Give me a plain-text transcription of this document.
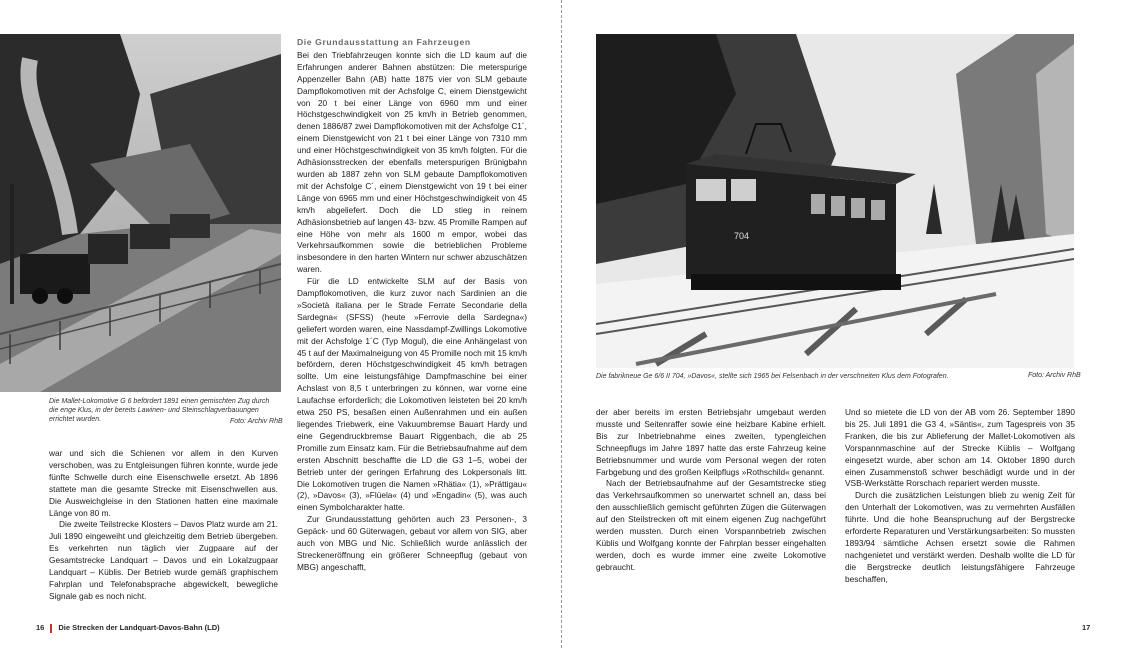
Die Mallet-Lokomotive G 6 befördert 1891 einen gemischten Zug durch die enge Klus, in der bereits Lawinen- und Steinschlagverbauungen errichtet wurden.	Foto: Archiv RhB

war und sich die Schienen vor allem in den Kurven verschoben, was zu Entgleisungen führen konnte, wurde jede fünfte Schwelle durch eine Eisenschwelle ersetzt. Ab 1896 stattete man die gesamte Strecke mit Eisenschwellen aus. Die Ausweichgleise in den Stationen hatten eine maximale Länge von 80 m.

Die zweite Teilstrecke Klosters – Davos Platz wurde am 21. Juli 1890 eingeweiht und gleichzeitig dem Betrieb übergeben. Es verkehrten nun täglich vier Zugpaare auf der Gesamtstrecke Landquart – Davos und ein Lokalzugpaar Landquart – Küblis. Der Betrieb wurde gemäß graphischem Fahrplan und Telefonabsprache abgewickelt, bewegliche Signale gab es noch nicht.

Die Grundausstattung an Fahrzeugen

Bei den Triebfahrzeugen konnte sich die LD kaum auf die Erfahrungen anderer Bahnen abstützen: Die meterspurige Appenzeller Bahn (AB) hatte 1875 vier von SLM gebaute Dampflokomotiven mit der Achsfolge C, einem Dienstgewicht von 20 t bei einer Länge von 6960 mm und einer Höchstgeschwindigkeit von 25 km/h in Betrieb genommen, denen 1886/87 zwei Dampflokomotiven mit der Achsfolge C1´, einem Dienstgewicht von 21 t bei einer Länge von 7310 mm und einer Höchstgeschwindigkeit von 35 km/h folgten. Für die Adhäsionsstrecken der ebenfalls meterspurigen Brünigbahn wurden ab 1887 zehn von SLM gebaute Dampflokomotiven mit der Achsfolge C´, einem Dienstgewicht von 19 t bei einer Länge von 6965 mm und einer Höchstgeschwindigkeit von 45 km/h abgeliefert. Doch die LD stieg in reinem Adhäsionsbetrieb auf langen 43- bzw. 45 Promille Rampen auf eine Höhe von mehr als 1600 m empor, wobei das Verkehrsaufkommen sowie die betrieblichen Probleme insbesondere in den harten Wintern nur schwer abzuschätzen waren.

Für die LD entwickelte SLM auf der Basis von Dampflokomotiven, die kurz zuvor nach Sardinien an die »Società italiana per le Strade Ferrate Secondarie della Sardegna« (SFSS) (heute »Ferrovie della Sardegna«) geliefert worden waren, eine Nassdampf-Zwillings Lokomotive mit der Achsfolge 1´C (Typ Mogul), die eine Anhängelast von 45 t auf der Maximalneigung von 45 Promille noch mit 15 km/h befördern, deren Höchstgeschwindigkeit 45 km/h betragen sollte. Um eine leistungsfähige Dampfmaschine bei einer Achslast von 8,5 t unterbringen zu können, war vorne eine Laufachse erforderlich; die Lokomotiven leisteten bei 20 km/h etwa 250 PS, besaßen einen Außenrahmen und ein außen liegendes Triebwerk, eine Vakuumbremse Bauart Hardy und eine Gegendruckbremse Bauart Riggenbach, die ab 25 Promille zum Einsatz kam. Für die Betriebsaufnahme auf dem ersten Abschnitt beschaffte die LD die G3 1–5, wobei der Betrieb unter der geringen Erfahrung des Lokpersonals litt. Die Lokomotiven trugen die Namen »Rhätia« (1), »Prättigau« (2), »Davos« (3), »Flüela« (4) und »Engadin« (5), was auch einen Symbolcharakter hatte.

Zur Grundausstattung gehörten auch 23 Personen-, 3 Gepäck- und 60 Güterwagen, gebaut vor allem von SIG, aber auch von MBG und Nic. Schließlich wurde anlässlich der Streckeneröffnung ein größerer Schneepflug (gebaut von MBG) angeschafft,

16 Die Strecken der Landquart-Davos-Bahn (LD)
704
Die fabrikneue Ge 6/6 II 704, »Davos«, stellte sich 1965 bei Felsenbach in der verschneiten Klus dem Fotografen.	Foto: Archiv RhB

der aber bereits im ersten Betriebsjahr umgebaut werden musste und Seitenraffer sowie eine heizbare Kabine erhielt. Bis zur Inbetriebnahme eines zweiten, typengleichen Schneepflugs im Jahre 1897 hatte das erste Fahrzeug keine Betriebsnummer und wurde vom Personal wegen der roten Farbgebung und des großen Keilpflugs »Rothschild« genannt.

Nach der Betriebsaufnahme auf der Gesamtstrecke stieg das Verkehrsaufkommen so unerwartet schnell an, dass bei den ausschließlich gemischt geführten Zügen die Güterwagen auf den Steilstrecken oft mit einem eigenen Zug nachgeführt werden mussten. Durch einen Vorspannbetrieb zwischen Küblis und Wolfgang konnte der Fahrplan besser eingehalten werden, doch es wurde immer eine zweite Lokomotive gebraucht.

Und so mietete die LD von der AB vom 26. September 1890 bis 25. Juli 1891 die G3 4, »Säntis«, zum Tagespreis von 35 Franken, die bis zur Ablieferung der Mallet-Lokomotiven als Vorspannmaschine auf der Strecke Küblis – Wolfgang eingesetzt wurde, aber schon am 14. Oktober 1890 durch einen Zusammenstoß schwer beschädigt wurde und in der VSB-Werkstätte Rorschach repariert werden musste.

Durch die zusätzlichen Leistungen blieb zu wenig Zeit für den Unterhalt der Lokomotiven, was zu vermehrten Ausfällen führte. Und die hohe Beanspruchung auf der Bergstrecke erforderte Reparaturen und Verstärkungsarbeiten: So mussten 1893/94 sämtliche Achsen ersetzt sowie die Rahmen nachgenietet und verstärkt werden. Deshalb wollte die LD für die Bergstrecke deutlich leistungsfähigere Fahrzeuge beschaffen,

17
